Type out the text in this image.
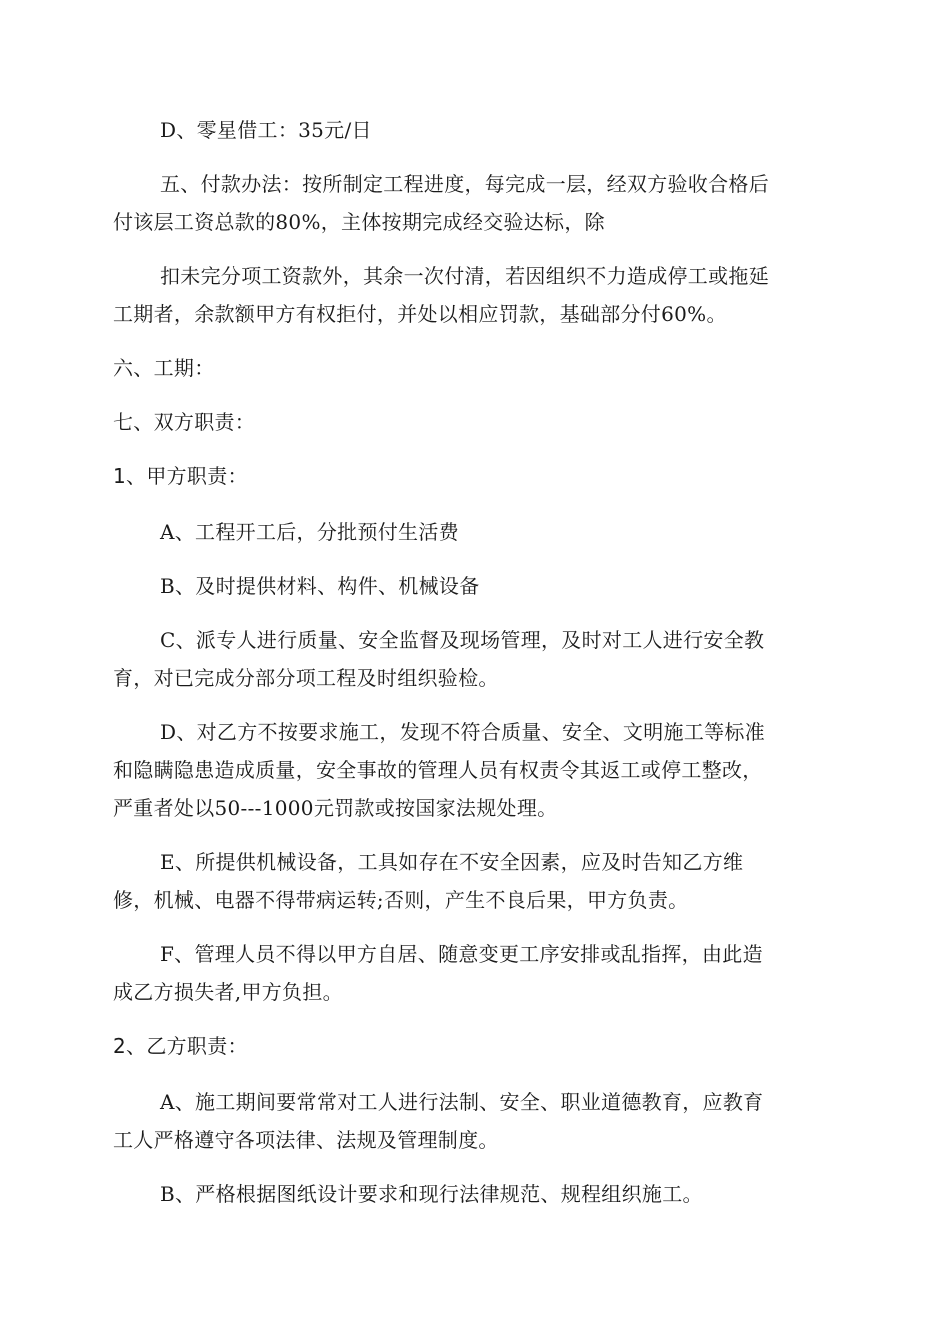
D、零星借工：35元/日
五、付款办法：按所制定工程进度，每完成一层，经双方验收合格后
付该层工资总款的80%，主体按期完成经交验达标，除
扣未完分项工资款外，其余一次付清，若因组织不力造成停工或拖延
工期者，余款额甲方有权拒付，并处以相应罚款，基础部分付60%。
六、工期：
七、双方职责：
1、甲方职责：
A、工程开工后，分批预付生活费
B、及时提供材料、构件、机械设备
C、派专人进行质量、安全监督及现场管理，及时对工人进行安全教
育，对已完成分部分项工程及时组织验检。
D、对乙方不按要求施工，发现不符合质量、安全、文明施工等标准
和隐瞒隐患造成质量，安全事故的管理人员有权责令其返工或停工整改，
严重者处以50---1000元罚款或按国家法规处理。
E、所提供机械设备，工具如存在不安全因素，应及时告知乙方维
修，机械、电器不得带病运转;否则，产生不良后果，甲方负责。
F、管理人员不得以甲方自居、随意变更工序安排或乱指挥，由此造
成乙方损失者,甲方负担。
2、乙方职责：
A、施工期间要常常对工人进行法制、安全、职业道德教育，应教育
工人严格遵守各项法律、法规及管理制度。
B、严格根据图纸设计要求和现行法律规范、规程组织施工。
